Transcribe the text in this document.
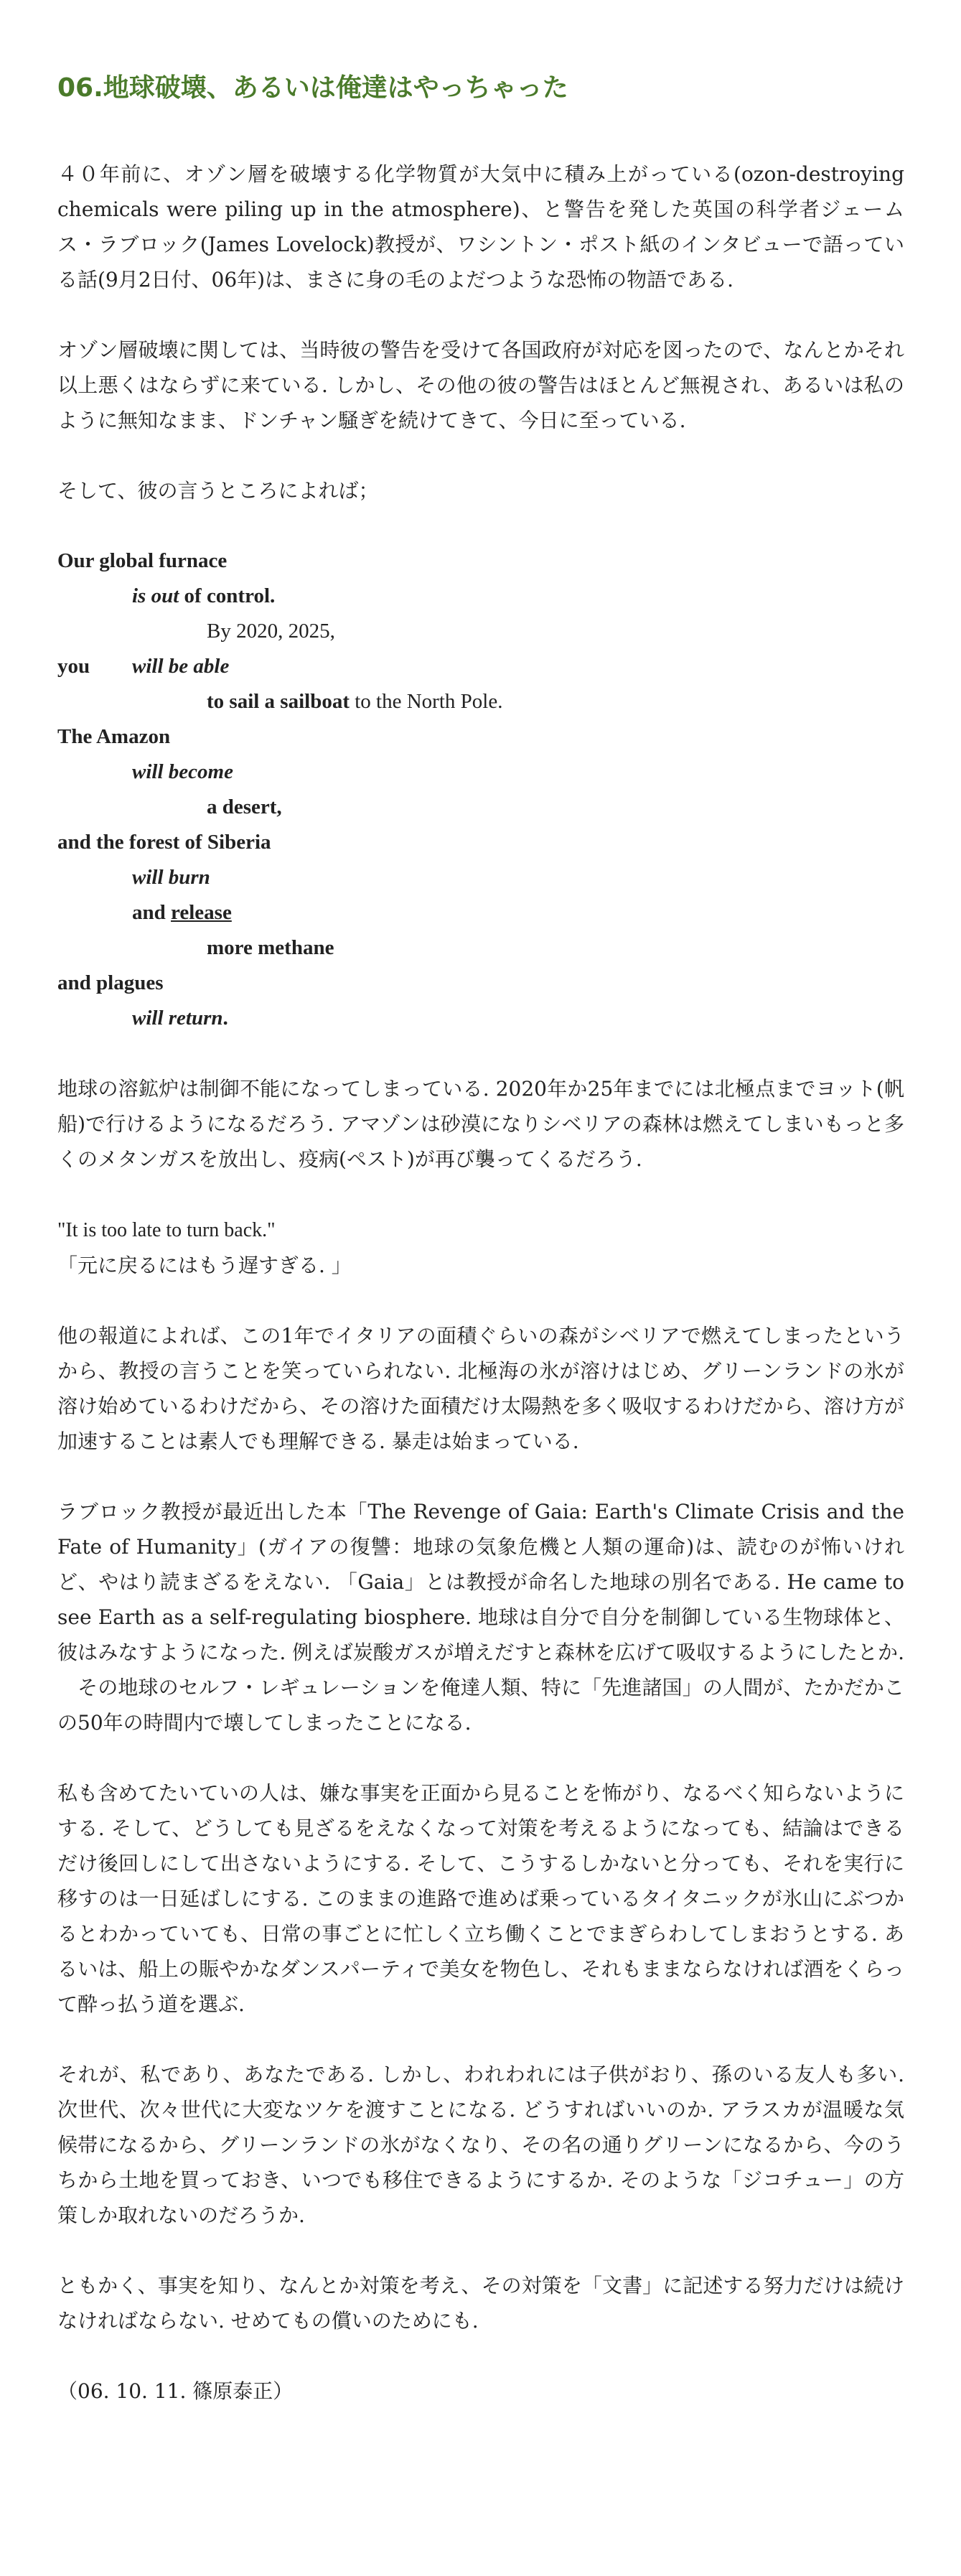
06.地球破壊、あるいは俺達はやっちゃった

４０年前に、オゾン層を破壊する化学物質が大気中に積み上がっている(ozon-destroying chemicals were piling up in the atmosphere)、と警告を発した英国の科学者ジェームス・ラブロック(James Lovelock)教授が、ワシントン・ポスト紙のインタビューで語っている話(9月2日付、06年)は、まさに身の毛のよだつような恐怖の物語である.

オゾン層破壊に関しては、当時彼の警告を受けて各国政府が対応を図ったので、なんとかそれ以上悪くはならずに来ている. しかし、その他の彼の警告はほとんど無視され、あるいは私のように無知なまま、ドンチャン騒ぎを続けてきて、今日に至っている.

そして、彼の言うところによれば；

Our global furnace
is out of control.
By 2020, 2025,
you will be able
to sail a sailboat to the North Pole.
The Amazon
will become
a desert,
and the forest of Siberia
will burn
and release
more methane
and plagues
will return.

地球の溶鉱炉は制御不能になってしまっている. 2020年か25年までには北極点までヨット(帆船)で行けるようになるだろう. アマゾンは砂漠になりシベリアの森林は燃えてしまいもっと多くのメタンガスを放出し、疫病(ペスト)が再び襲ってくるだろう.

"It is too late to turn back."
「元に戻るにはもう遅すぎる. 」

他の報道によれば、この1年でイタリアの面積ぐらいの森がシベリアで燃えてしまったというから、教授の言うことを笑っていられない. 北極海の氷が溶けはじめ、グリーンランドの氷が溶け始めているわけだから、その溶けた面積だけ太陽熱を多く吸収するわけだから、溶け方が加速することは素人でも理解できる. 暴走は始まっている.

ラブロック教授が最近出した本「The Revenge of Gaia: Earth's Climate Crisis and the Fate of Humanity」(ガイアの復讐：地球の気象危機と人類の運命)は、読むのが怖いけれど、やはり読まざるをえない. 「Gaia」とは教授が命名した地球の別名である. He came to see Earth as a self-regulating biosphere. 地球は自分で自分を制御している生物球体と、彼はみなすようになった. 例えば炭酸ガスが増えだすと森林を広げて吸収するようにしたとか. 　その地球のセルフ・レギュレーションを俺達人類、特に「先進諸国」の人間が、たかだかこの50年の時間内で壊してしまったことになる.

私も含めてたいていの人は、嫌な事実を正面から見ることを怖がり、なるべく知らないようにする. そして、どうしても見ざるをえなくなって対策を考えるようになっても、結論はできるだけ後回しにして出さないようにする. そして、こうするしかないと分っても、それを実行に移すのは一日延ばしにする. このままの進路で進めば乗っているタイタニックが氷山にぶつかるとわかっていても、日常の事ごとに忙しく立ち働くことでまぎらわしてしまおうとする. あるいは、船上の賑やかなダンスパーティで美女を物色し、それもままならなければ酒をくらって酔っ払う道を選ぶ.

それが、私であり、あなたである. しかし、われわれには子供がおり、孫のいる友人も多い. 次世代、次々世代に大変なツケを渡すことになる. どうすればいいのか. アラスカが温暖な気候帯になるから、グリーンランドの氷がなくなり、その名の通りグリーンになるから、今のうちから土地を買っておき、いつでも移住できるようにするか. そのような「ジコチュー」の方策しか取れないのだろうか.

ともかく、事実を知り、なんとか対策を考え、その対策を「文書」に記述する努力だけは続けなければならない. せめてもの償いのためにも.

（06. 10. 11. 篠原泰正）
